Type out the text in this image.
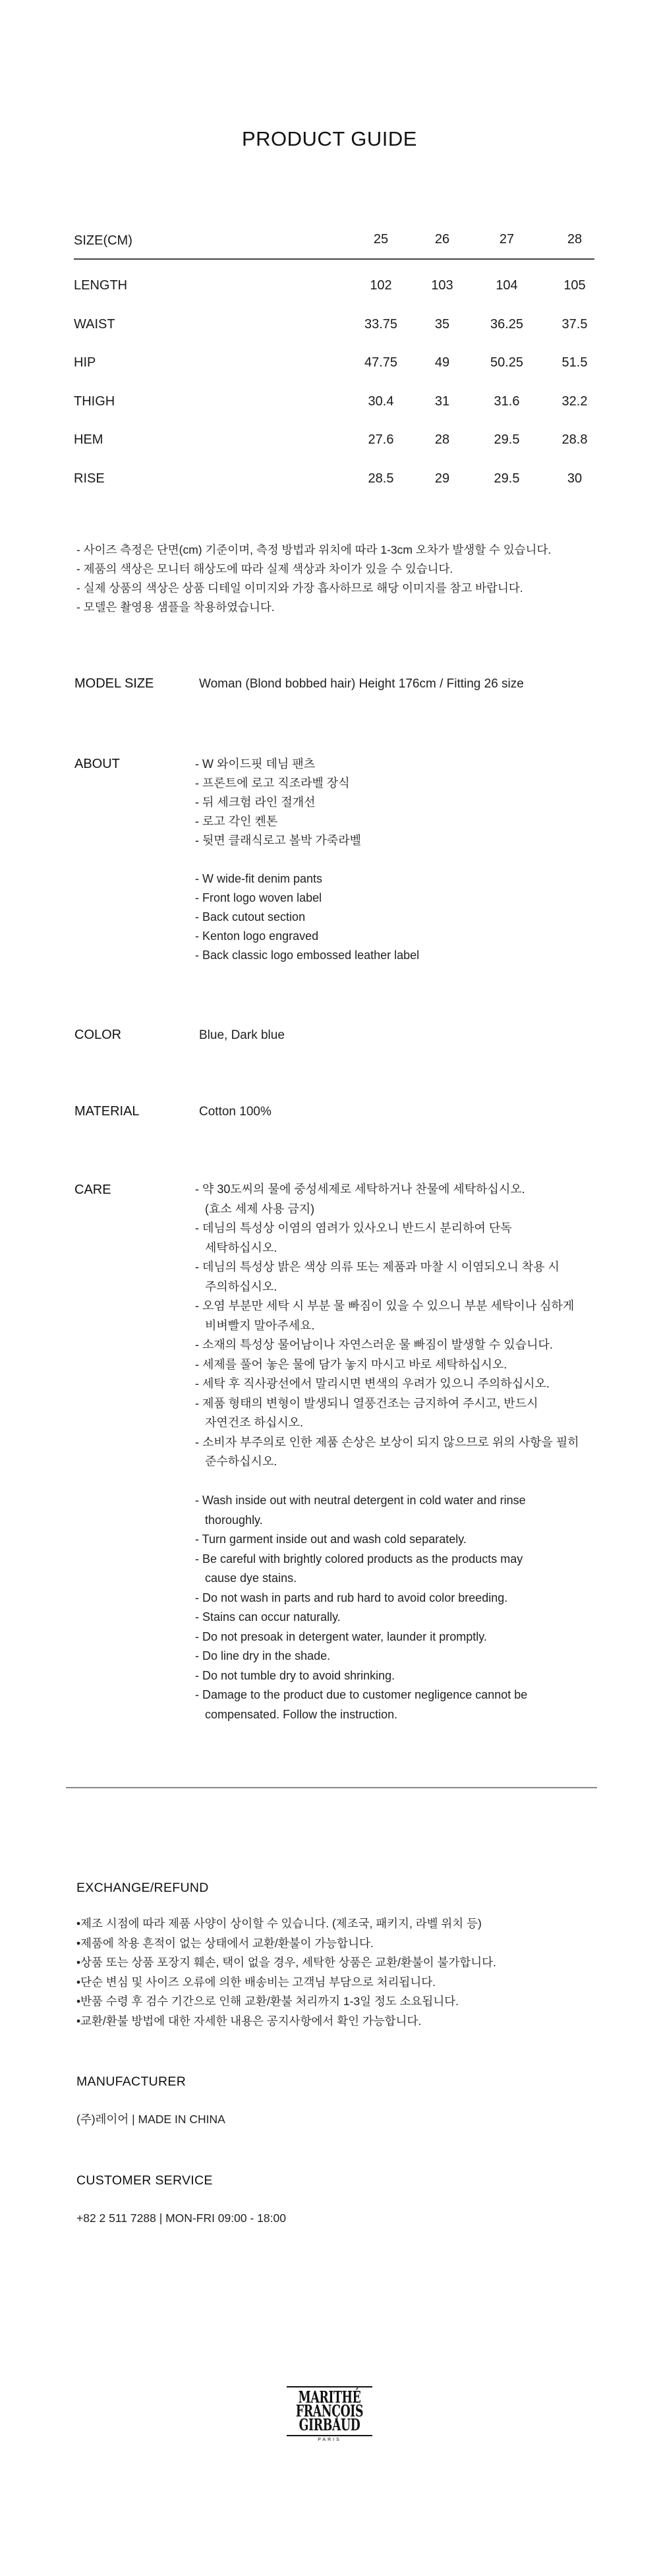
PRODUCT GUIDE
SIZE(CM)	25	26	27	28
LENGTH	102	103	104	105
WAIST	33.75	35	36.25	37.5
HIP	47.75	49	50.25	51.5
THIGH	30.4	31	31.6	32.2
HEM	27.6	28	29.5	28.8
RISE	28.5	29	29.5	30
- 사이즈 측정은 단면(cm) 기준이며, 측정 방법과 위치에 따라 1-3cm 오차가 발생할 수 있습니다.
- 제품의 색상은 모니터 해상도에 따라 실제 색상과 차이가 있을 수 있습니다.
- 실제 상품의 색상은 상품 디테일 이미지와 가장 흡사하므로 해당 이미지를 참고 바랍니다.
- 모델은 촬영용 샘플을 착용하였습니다.
MODEL SIZE	Woman (Blond bobbed hair) Height 176cm / Fitting 26 size
ABOUT	- W 와이드핏 데님 팬츠
- 프론트에 로고 직조라벨 장식
- 뒤 세크험 라인 절개선
- 로고 각인 켄톤
- 뒷면 클래식로고 볼박 가죽라벨
- W wide-fit denim pants
- Front logo woven label
- Back cutout section
- Kenton logo engraved
- Back classic logo embossed leather label
COLOR	Blue, Dark blue
MATERIAL	Cotton 100%
CARE	- 약 30도씨의 물에 중성세제로 세탁하거나 찬물에 세탁하십시오.
(효소 세제 사용 금지)
- 데님의 특성상 이염의 염려가 있사오니 반드시 분리하여 단독
세탁하십시오.
- 데님의 특성상 밝은 색상 의류 또는 제품과 마찰 시 이염되오니 착용 시
주의하십시오.
- 오염 부분만 세탁 시 부분 물 빠짐이 있을 수 있으니 부분 세탁이나 심하게
비벼빨지 말아주세요.
- 소재의 특성상 물어남이나 자연스러운 물 빠짐이 발생할 수 있습니다.
- 세제를 풀어 놓은 물에 담가 놓지 마시고 바로 세탁하십시오.
- 세탁 후 직사광선에서 말리시면 변색의 우려가 있으니 주의하십시오.
- 제품 형태의 변형이 발생되니 열풍건조는 금지하여 주시고, 반드시
자연건조 하십시오.
- 소비자 부주의로 인한 제품 손상은 보상이 되지 않으므로 위의 사항을 필히
준수하십시오.
- Wash inside out with neutral detergent in cold water and rinse
thoroughly.
- Turn garment inside out and wash cold separately.
- Be careful with brightly colored products as the products may
cause dye stains.
- Do not wash in parts and rub hard to avoid color breeding.
- Stains can occur naturally.
- Do not presoak in detergent water, launder it promptly.
- Do line dry in the shade.
- Do not tumble dry to avoid shrinking.
- Damage to the product due to customer negligence cannot be
compensated. Follow the instruction.
EXCHANGE/REFUND
•제조 시점에 따라 제품 사양이 상이할 수 있습니다. (제조국, 패키지, 라벨 위치 등)
•제품에 착용 흔적이 없는 상태에서 교환/환불이 가능합니다.
•상품 또는 상품 포장지 훼손, 택이 없을 경우, 세탁한 상품은 교환/환불이 불가합니다.
•단순 변심 및 사이즈 오류에 의한 배송비는 고객님 부담으로 처리됩니다.
•반품 수령 후 검수 기간으로 인해 교환/환불 처리까지 1-3일 정도 소요됩니다.
•교환/환불 방법에 대한 자세한 내용은 공지사항에서 확인 가능합니다.
MANUFACTURER
(주)레이어 | MADE IN CHINA
CUSTOMER SERVICE
+82 2 511 7288 | MON-FRI 09:00 - 18:00
MARITHÉ
FRANÇOIS
GIRBAUD
PARIS
